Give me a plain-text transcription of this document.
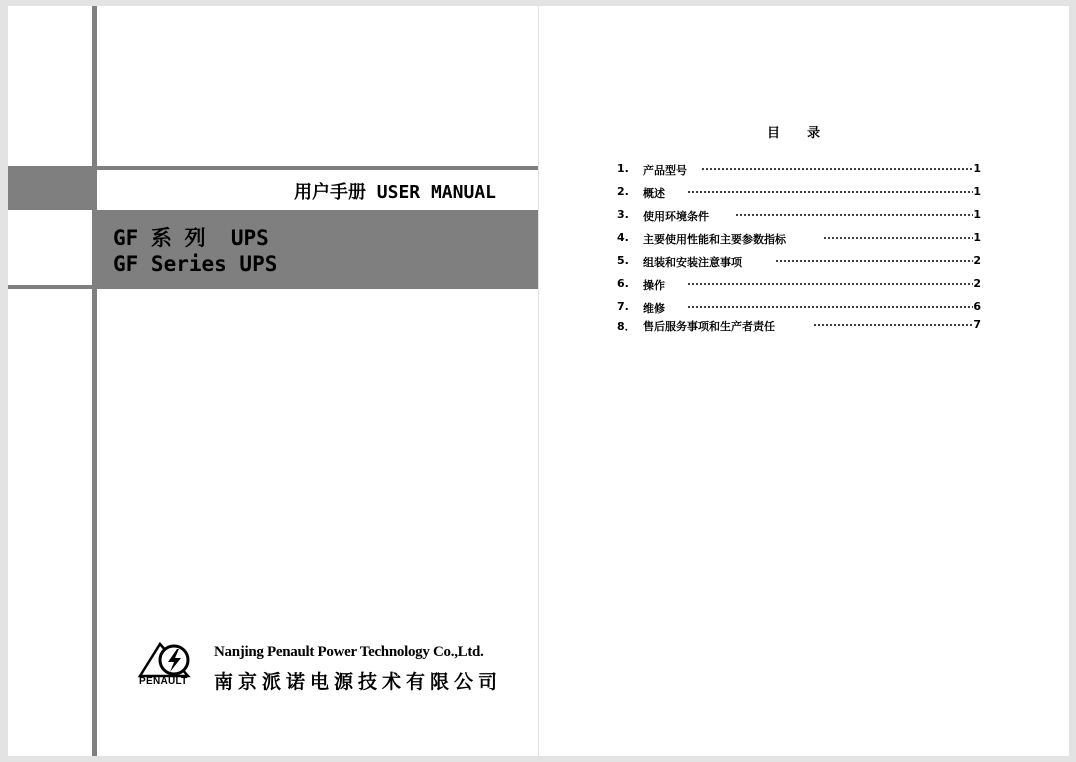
用户手册 USER MANUAL
GF 系 列  UPS
GF Series UPS
PENAULT
Nanjing Penault Power Technology Co.,Ltd.
南京派诺电源技术有限公司
目      录
1. 产品型号	1
2. 概述	1
3. 使用环境条件	1
4. 主要使用性能和主要参数指标	1
5. 组装和安装注意事项	2
6. 操作	2
7. 维修	6
8． 售后服务事项和生产者责任	7
